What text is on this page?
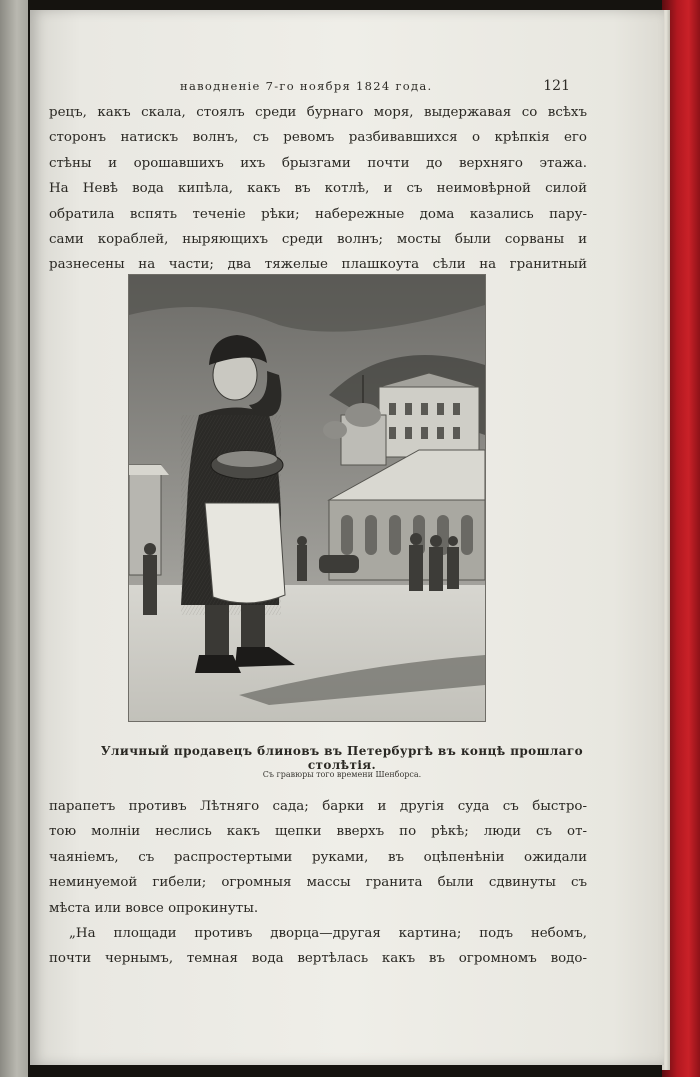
наводненіе 7-го ноября 1824 года.	121
рецъ, какъ скала, стоялъ среди бурнаго моря, выдержавая со всѣхъ
сторонъ натискъ волнъ, съ ревомъ разбивавшихся о крѣпкія его
стѣны и орошавшихъ ихъ брызгами почти до верхняго этажа.
На Невѣ вода кипѣла, какъ въ котлѣ, и съ неимовѣрной силой
обратила вспять теченіе рѣки; набережные дома казались пару-
сами кораблей, ныряющихъ среди волнъ; мосты были сорваны и
разнесены на части; два тяжелые плашкоута сѣли на гранитный
Уличный продавецъ блиновъ въ Петербургѣ въ концѣ прошлаго столѣтія.
Съ гравюры того времени Шенборса.
парапетъ противъ Лѣтняго сада; барки и другія суда съ быстро-
тою молніи неслись какъ щепки вверхъ по рѣкѣ; люди съ от-
чаяніемъ, съ распростертыми руками, въ оцѣпенѣніи ожидали
неминуемой гибели; огромныя массы гранита были сдвинуты съ
мѣста или вовсе опрокинуты.
„На площади противъ дворца—другая картина; подъ небомъ,
почти чернымъ, темная вода вертѣлась какъ въ огромномъ водо-
